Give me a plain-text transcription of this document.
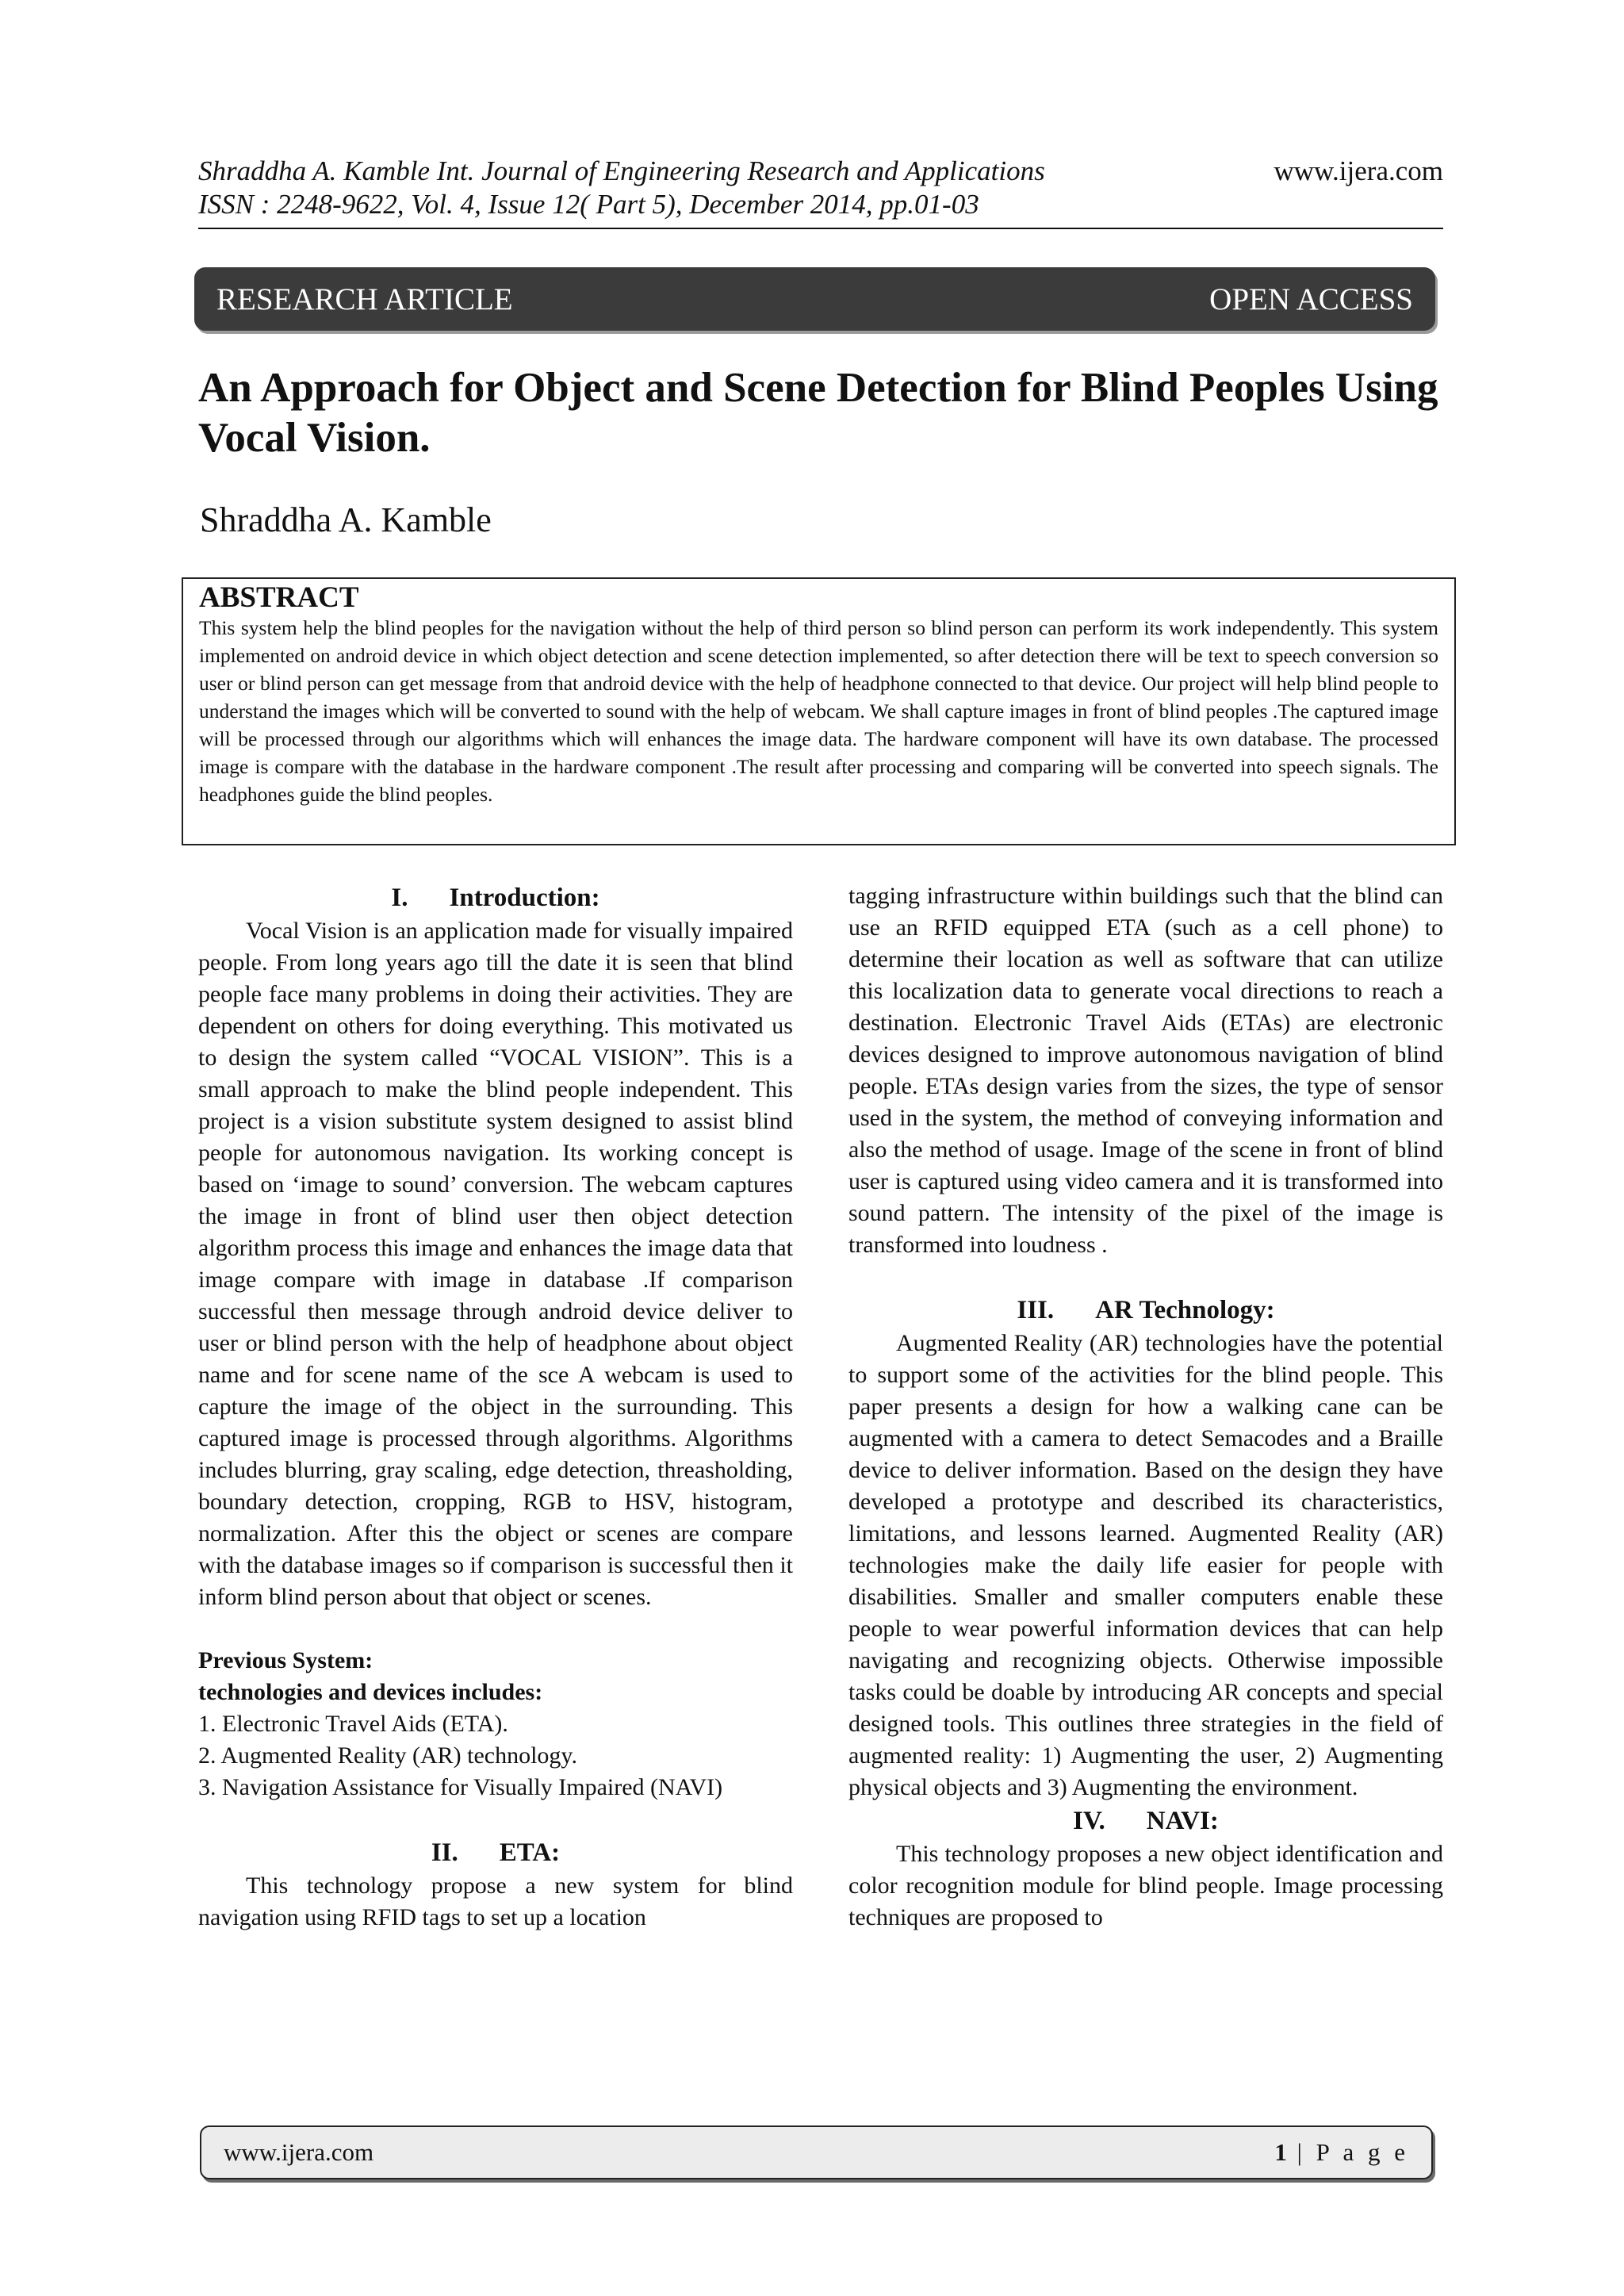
Shraddha A. Kamble Int. Journal of Engineering Research and Applications
ISSN : 2248-9622, Vol. 4, Issue 12( Part 5), December 2014, pp.01-03
www.ijera.com
RESEARCH ARTICLE	OPEN ACCESS
An Approach for Object and Scene Detection for Blind Peoples Using Vocal Vision.
Shraddha A. Kamble
ABSTRACT
This system help the blind peoples for the navigation without the help of third person so blind person can perform its work independently. This system implemented on android device in which object detection and scene detection implemented, so after detection there will be text to speech conversion so user or blind person can get message from that android device with the help of headphone connected to that device. Our project will help blind people to understand the images which will be converted to sound with the help of webcam. We shall capture images in front of blind peoples .The captured image will be processed through our algorithms which will enhances the image data. The hardware component will have its own database. The processed image is compare with the database in the hardware component .The result after processing and comparing will be converted into speech signals. The headphones guide the blind peoples.
I. Introduction:

Vocal Vision is an application made for visually impaired people. From long years ago till the date it is seen that blind people face many problems in doing their activities. They are dependent on others for doing everything. This motivated us to design the system called “VOCAL VISION”. This is a small approach to make the blind people independent. This project is a vision substitute system designed to assist blind people for autonomous navigation. Its working concept is based on ‘image to sound’ conversion. The webcam captures the image in front of blind user then object detection algorithm process this image and enhances the image data that image compare with image in database .If comparison successful then message through android device deliver to user or blind person with the help of headphone about object name and for scene name of the sce A webcam is used to capture the image of the object in the surrounding. This captured image is processed through algorithms. Algorithms includes blurring, gray scaling, edge detection, threasholding, boundary detection, cropping, RGB to HSV, histogram, normalization. After this the object or scenes are compare with the database images so if comparison is successful then it inform blind person about that object or scenes.

Previous System:
technologies and devices includes:

1. Electronic Travel Aids (ETA).

2. Augmented Reality (AR) technology.

3. Navigation Assistance for Visually Impaired (NAVI)

II. ETA:

This technology propose a new system for blind navigation using RFID tags to set up a location

tagging infrastructure within buildings such that the blind can use an RFID equipped ETA (such as a cell phone) to determine their location as well as software that can utilize this localization data to generate vocal directions to reach a destination. Electronic Travel Aids (ETAs) are electronic devices designed to improve autonomous navigation of blind people. ETAs design varies from the sizes, the type of sensor used in the system, the method of conveying information and also the method of usage. Image of the scene in front of blind user is captured using video camera and it is transformed into sound pattern. The intensity of the pixel of the image is transformed into loudness .

III. AR Technology:

Augmented Reality (AR) technologies have the potential to support some of the activities for the blind people. This paper presents a design for how a walking cane can be augmented with a camera to detect Semacodes and a Braille device to deliver information. Based on the design they have developed a prototype and described its characteristics, limitations, and lessons learned. Augmented Reality (AR) technologies make the daily life easier for people with disabilities. Smaller and smaller computers enable these people to wear powerful information devices that can help navigating and recognizing objects. Otherwise impossible tasks could be doable by introducing AR concepts and special designed tools. This outlines three strategies in the field of augmented reality: 1) Augmenting the user, 2) Augmenting physical objects and 3) Augmenting the environment.

IV. NAVI:

This technology proposes a new object identification and color recognition module for blind people. Image processing techniques are proposed to

www.ijera.com	1 | P a g e
